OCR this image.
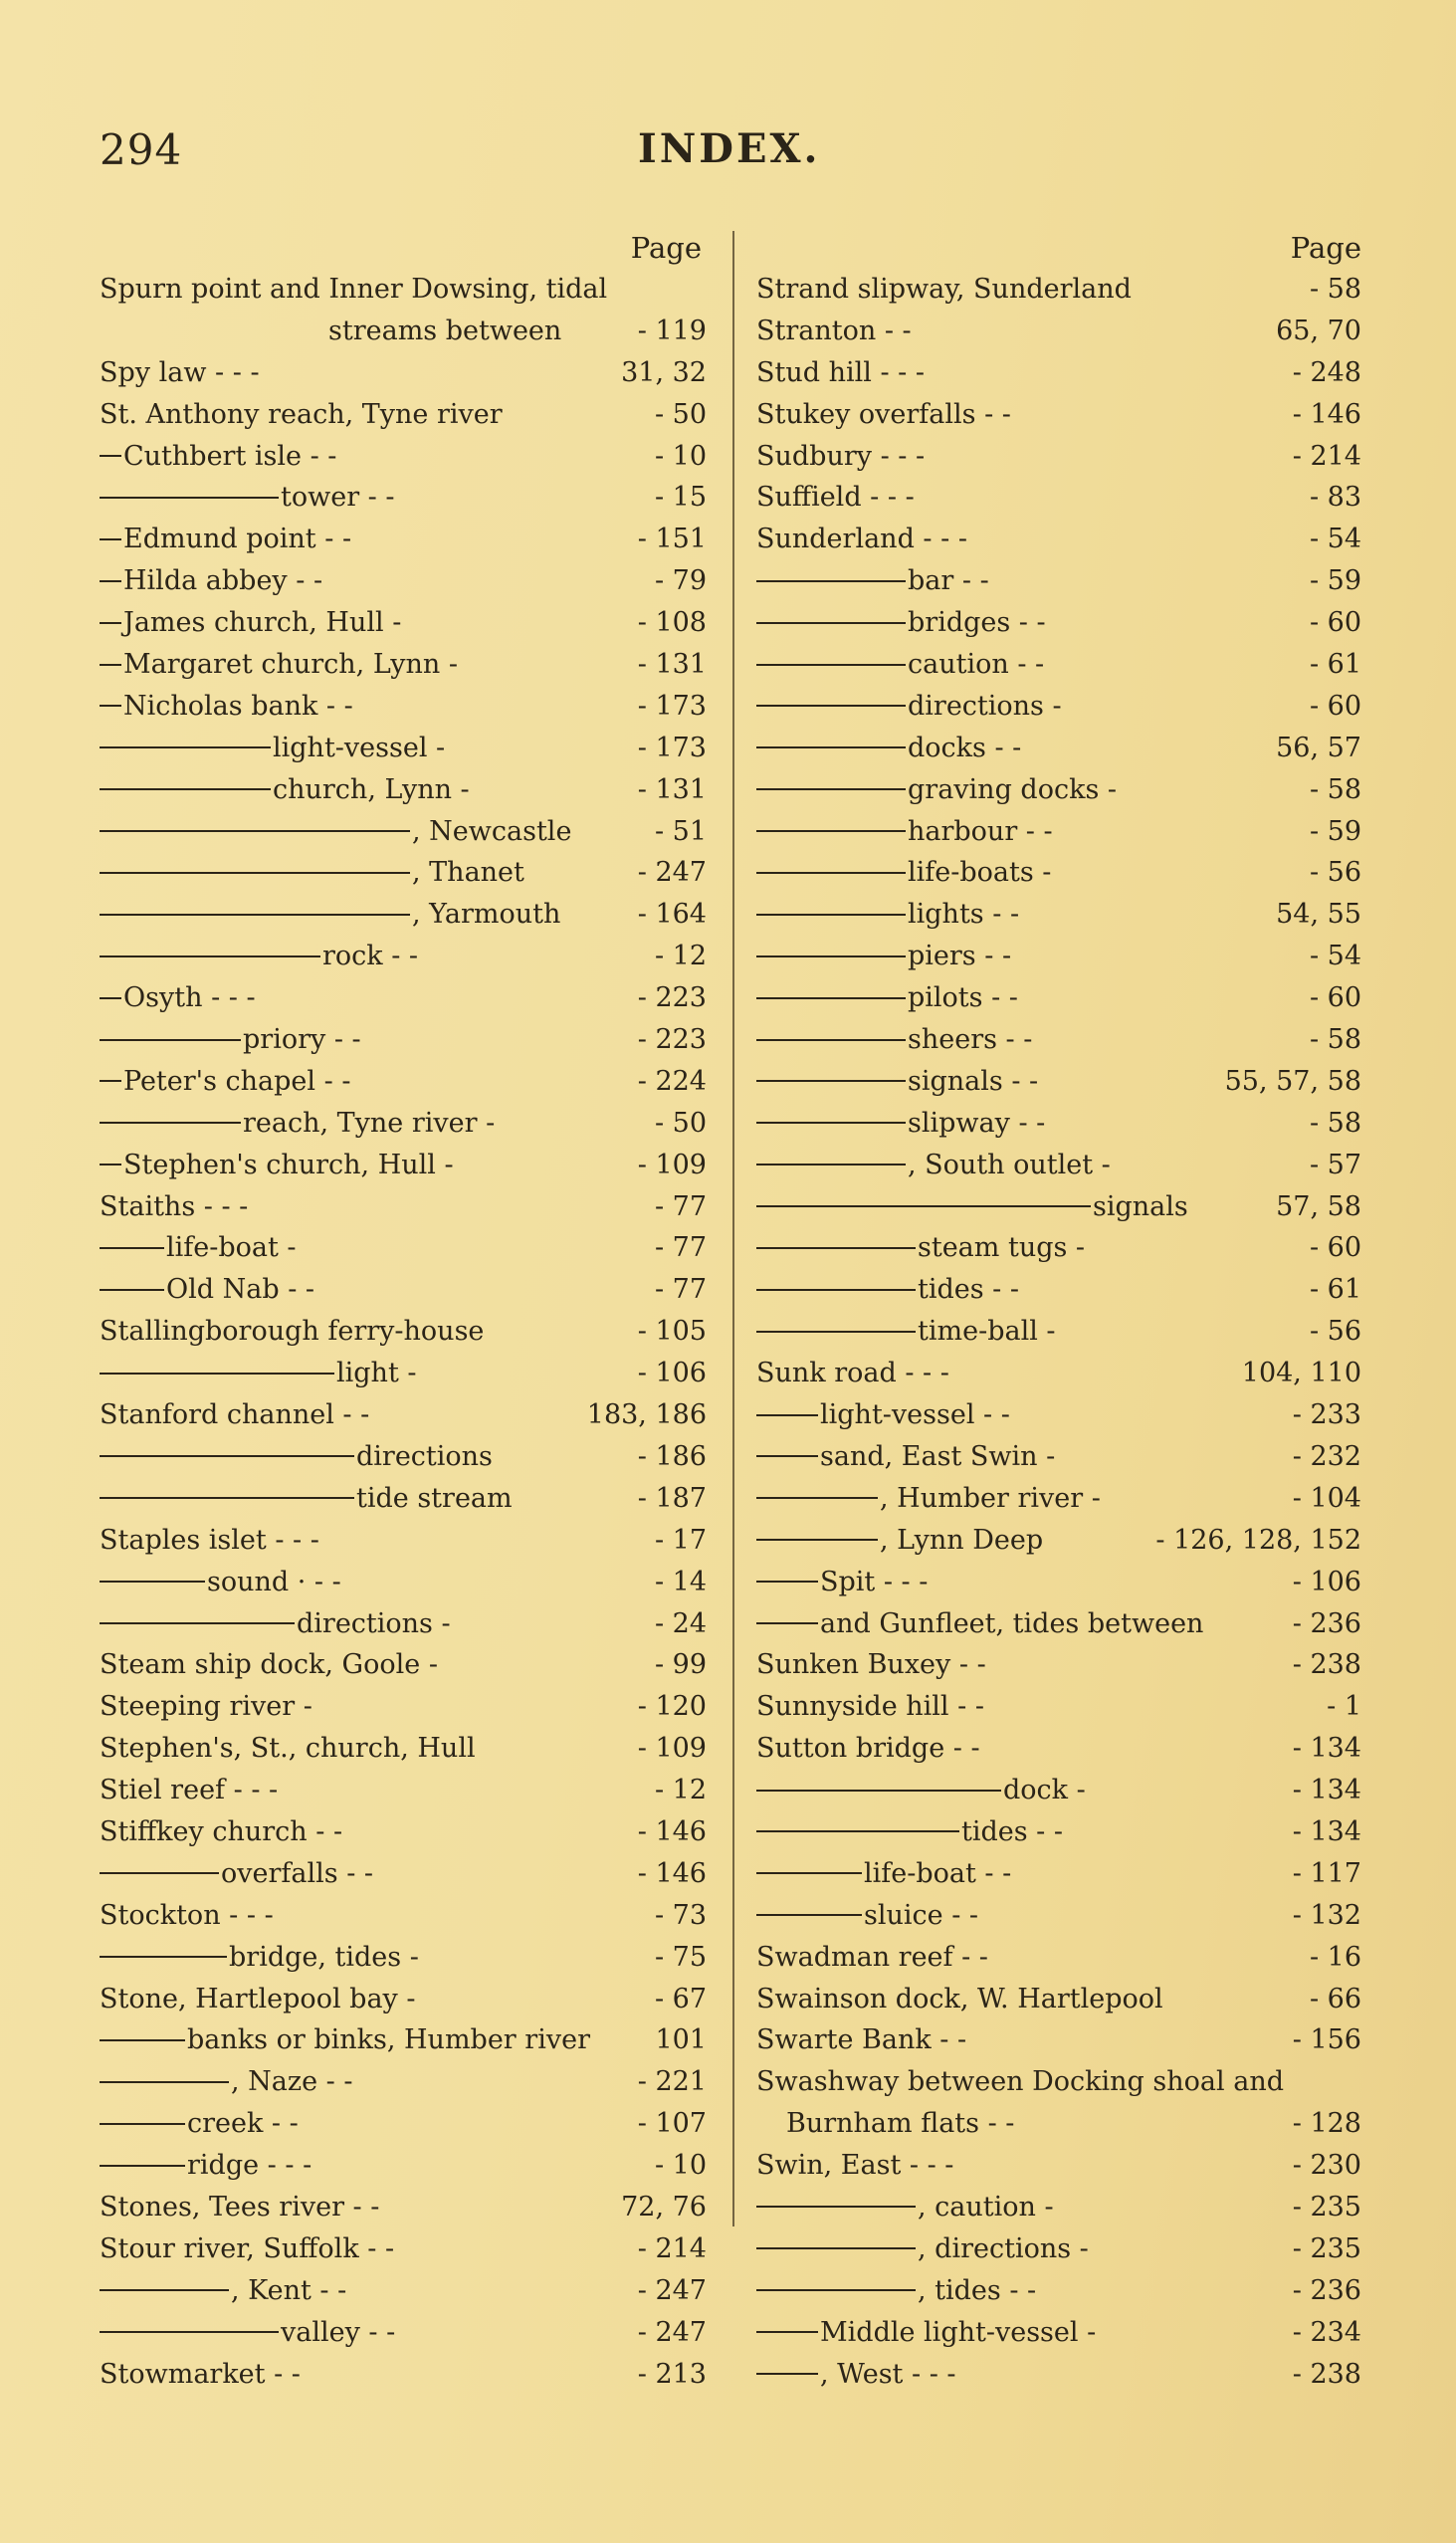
294	INDEX.
Page
Spurn point and Inner Dowsing, tidal
streams between	- 119
Spy law - - -	31, 32
St. Anthony reach, Tyne river	- 50
Cuthbert isle - -	- 10
tower - -	- 15
Edmund point - -	- 151
Hilda abbey - -	- 79
James church, Hull -	- 108
Margaret church, Lynn -	- 131
Nicholas bank - -	- 173
light-vessel -	- 173
church, Lynn -	- 131
, Newcastle	- 51
, Thanet	- 247
, Yarmouth	- 164
rock - -	- 12
Osyth - - -	- 223
priory - -	- 223
Peter's chapel - -	- 224
reach, Tyne river -	- 50
Stephen's church, Hull -	- 109
Staiths - - -	- 77
life-boat -	- 77
Old Nab - -	- 77
Stallingborough ferry-house	- 105
light -	- 106
Stanford channel - -	183, 186
directions	- 186
tide stream	- 187
Staples islet - - -	- 17
sound · - -	- 14
directions -	- 24
Steam ship dock, Goole -	- 99
Steeping river -	- 120
Stephen's, St., church, Hull	- 109
Stiel reef - - -	- 12
Stiffkey church - -	- 146
overfalls - -	- 146
Stockton - - -	- 73
bridge, tides -	- 75
Stone, Hartlepool bay -	- 67
banks or binks, Humber river 101
, Naze - -	- 221
creek - -	- 107
ridge - - -	- 10
Stones, Tees river - -	72, 76
Stour river, Suffolk - -	- 214
, Kent - -	- 247
valley - -	- 247
Stowmarket - -	- 213
Page
Strand slipway, Sunderland	- 58
Stranton - -	65, 70
Stud hill - - -	- 248
Stukey overfalls - -	- 146
Sudbury - - -	- 214
Suffield - - -	- 83
Sunderland - - -	- 54
bar - -	- 59
bridges - -	- 60
caution - -	- 61
directions -	- 60
docks - -	56, 57
graving docks -	- 58
harbour - -	- 59
life-boats -	- 56
lights - -	54, 55
piers - -	- 54
pilots - -	- 60
sheers - -	- 58
signals - -	55, 57, 58
slipway - -	- 58
, South outlet -	- 57
signals	57, 58
steam tugs -	- 60
tides - -	- 61
time-ball -	- 56
Sunk road - - -	104, 110
light-vessel - -	- 233
sand, East Swin -	- 232
, Humber river -	- 104
, Lynn Deep	- 126, 128, 152
Spit - - -	- 106
and Gunfleet, tides between	- 236
Sunken Buxey - -	- 238
Sunnyside hill - -	- 1
Sutton bridge - -	- 134
dock -	- 134
tides - -	- 134
life-boat - -	- 117
sluice - -	- 132
Swadman reef - -	- 16
Swainson dock, W. Hartlepool	- 66
Swarte Bank - -	- 156
Swashway between Docking shoal and
Burnham flats - -	- 128
Swin, East - - -	- 230
, caution -	- 235
, directions -	- 235
, tides - -	- 236
Middle light-vessel -	- 234
, West - - -	- 238
